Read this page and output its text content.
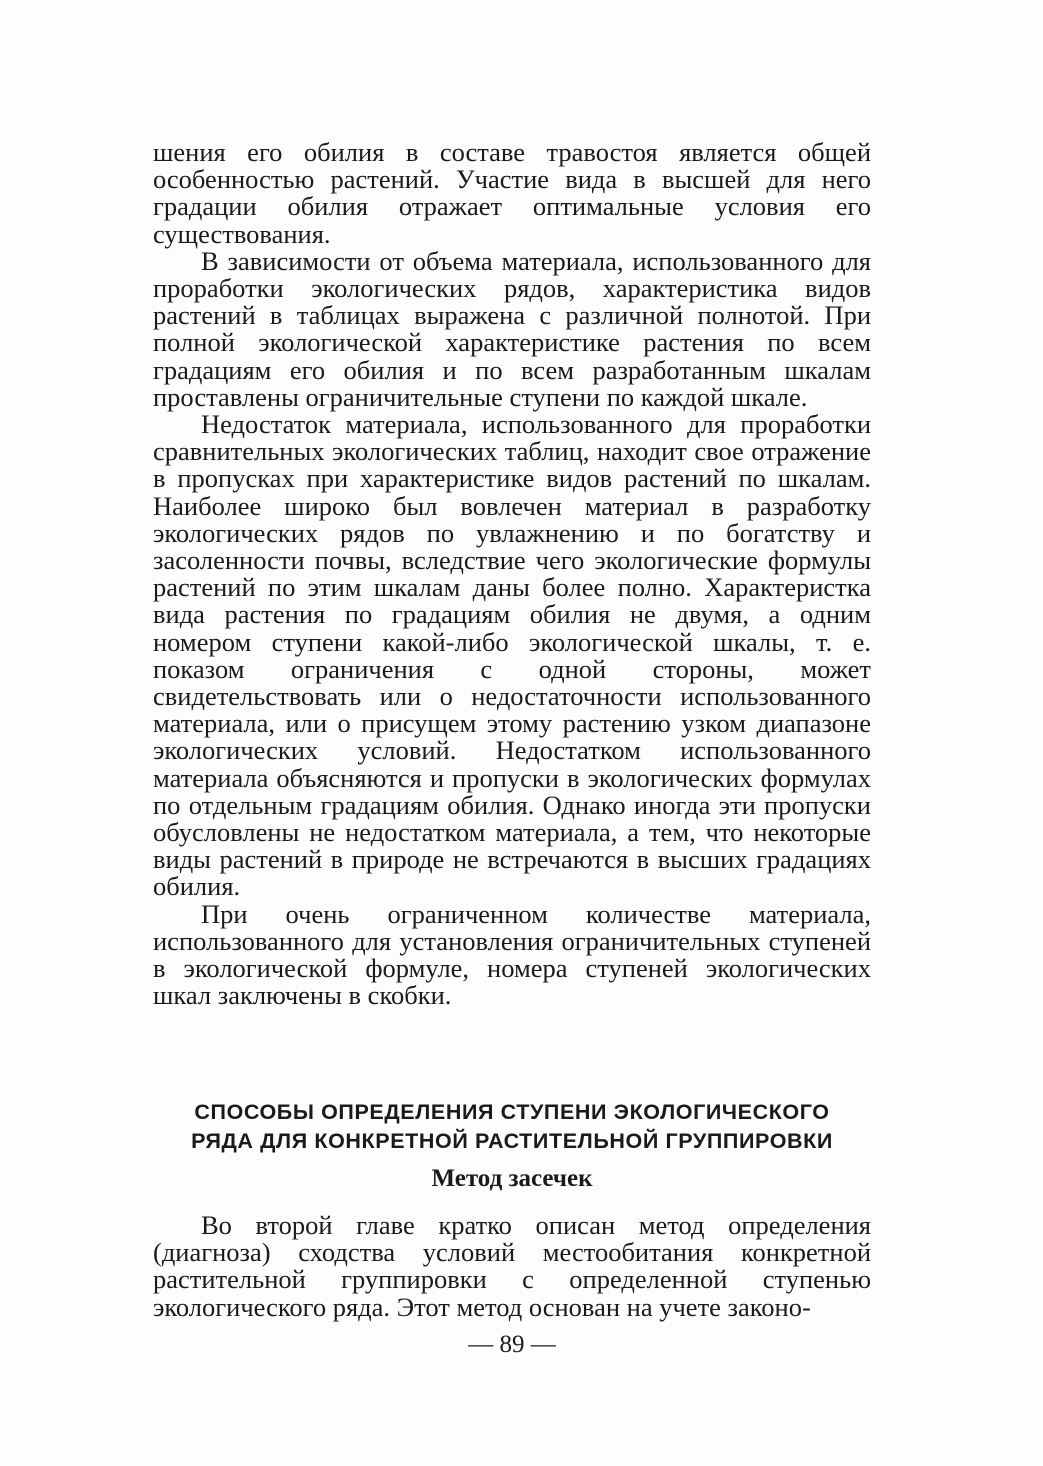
шения его обилия в составе травостоя является общей особенностью растений. Участие вида в высшей для него градации обилия отражает оптимальные условия его существования.

В зависимости от объема материала, использованного для проработки экологических рядов, характеристика видов растений в таблицах выражена с различной полнотой. При полной экологической характеристике растения по всем градациям его обилия и по всем разработанным шкалам проставлены ограничительные ступени по каждой шкале.

Недостаток материала, использованного для проработки сравнительных экологических таблиц, находит свое отражение в пропусках при характеристике видов растений по шкалам. Наиболее широко был вовлечен материал в разработку экологических рядов по увлажнению и по богатству и засоленности почвы, вследствие чего экологические формулы растений по этим шкалам даны более полно. Характеристка вида растения по градациям обилия не двумя, а одним номером ступени какой-либо экологической шкалы, т. е. показом ограничения с одной стороны, может свидетельствовать или о недостаточности использованного материала, или о присущем этому растению узком диапазоне экологических условий. Недостатком использованного материала объясняются и пропуски в экологических формулах по отдельным градациям обилия. Однако иногда эти пропуски обусловлены не недостатком материала, а тем, что некоторые виды растений в природе не встречаются в высших градациях обилия.

При очень ограниченном количестве материала, использованного для установления ограничительных ступеней в экологической формуле, номера ступеней экологических шкал заключены в скобки.

СПОСОБЫ ОПРЕДЕЛЕНИЯ СТУПЕНИ ЭКОЛОГИЧЕСКОГО
РЯДА ДЛЯ КОНКРЕТНОЙ РАСТИТЕЛЬНОЙ ГРУППИРОВКИ
Метод засечек

Во второй главе кратко описан метод определения (диагноза) сходства условий местообитания конкретной растительной группировки с определенной ступенью экологического ряда. Этот метод основан на учете законо-

— 89 —
